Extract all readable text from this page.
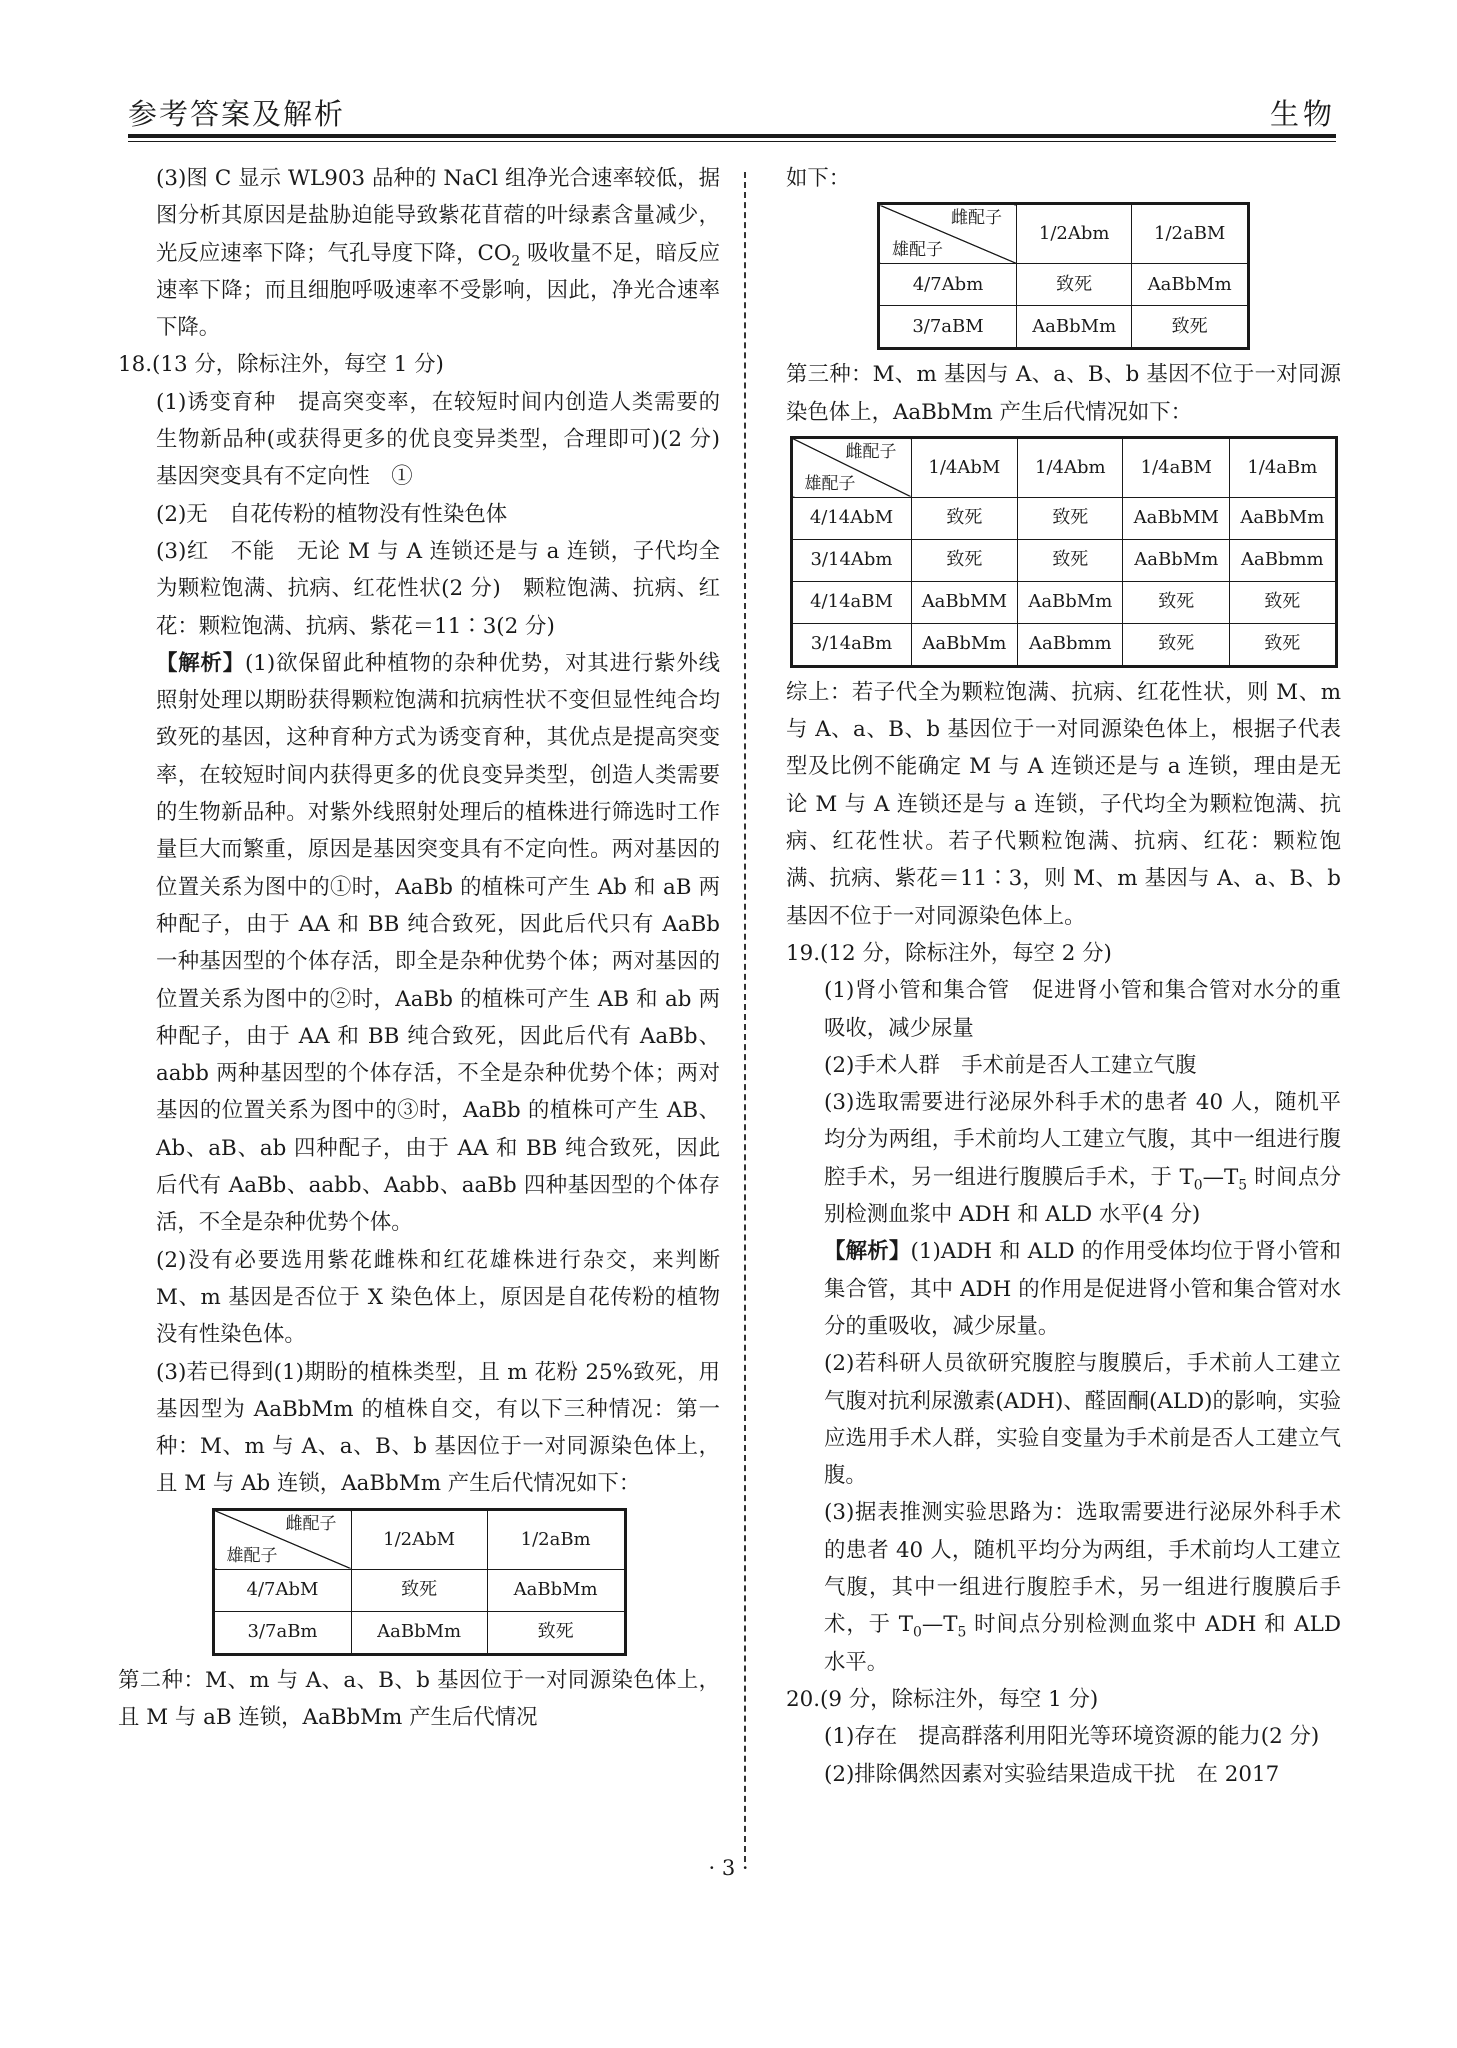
参考答案及解析	生物

(3)图 C 显示 WL903 品种的 NaCl 组净光合速率较低，据图分析其原因是盐胁迫能导致紫花苜蓿的叶绿素含量减少，光反应速率下降；气孔导度下降，$CO_2$ 吸收量不足，暗反应速率下降；而且细胞呼吸速率不受影响，因此，净光合速率下降。

18.(13 分，除标注外，每空 1 分)

(1)诱变育种　提高突变率，在较短时间内创造人类需要的生物新品种(或获得更多的优良变异类型，合理即可)(2 分)　基因突变具有不定向性　①

(2)无　自花传粉的植物没有性染色体

(3)红　不能　无论 M 与 A 连锁还是与 a 连锁，子代均全为颗粒饱满、抗病、红花性状(2 分)　颗粒饱满、抗病、红花：颗粒饱满、抗病、紫花＝11∶3(2 分)

【解析】(1)欲保留此种植物的杂种优势，对其进行紫外线照射处理以期盼获得颗粒饱满和抗病性状不变但显性纯合均致死的基因，这种育种方式为诱变育种，其优点是提高突变率，在较短时间内获得更多的优良变异类型，创造人类需要的生物新品种。对紫外线照射处理后的植株进行筛选时工作量巨大而繁重，原因是基因突变具有不定向性。两对基因的位置关系为图中的①时，AaBb 的植株可产生 Ab 和 aB 两种配子，由于 AA 和 BB 纯合致死，因此后代只有 AaBb 一种基因型的个体存活，即全是杂种优势个体；两对基因的位置关系为图中的②时，AaBb 的植株可产生 AB 和 ab 两种配子，由于 AA 和 BB 纯合致死，因此后代有 AaBb、aabb 两种基因型的个体存活，不全是杂种优势个体；两对基因的位置关系为图中的③时，AaBb 的植株可产生 AB、Ab、aB、ab 四种配子，由于 AA 和 BB 纯合致死，因此后代有 AaBb、aabb、Aabb、aaBb 四种基因型的个体存活，不全是杂种优势个体。

(2)没有必要选用紫花雌株和红花雄株进行杂交，来判断 M、m 基因是否位于 X 染色体上，原因是自花传粉的植物没有性染色体。

(3)若已得到(1)期盼的植株类型，且 m 花粉 25%致死，用基因型为 AaBbMm 的植株自交，有以下三种情况：第一种：M、m 与 A、a、B、b 基因位于一对同源染色体上，且 M 与 Ab 连锁，AaBbMm 产生后代情况如下：

雌配子
雄配子	1/2AbM	1/2aBm
4/7AbM	致死	AaBbMm
3/7aBm	AaBbMm	致死

第二种：M、m 与 A、a、B、b 基因位于一对同源染色体上，且 M 与 aB 连锁，AaBbMm 产生后代情况

如下：

雌配子
雄配子	1/2Abm	1/2aBM
4/7Abm	致死	AaBbMm
3/7aBM	AaBbMm	致死

第三种：M、m 基因与 A、a、B、b 基因不位于一对同源染色体上，AaBbMm 产生后代情况如下：

雌配子
雄配子	1/4AbM	1/4Abm	1/4aBM	1/4aBm
4/14AbM	致死	致死	AaBbMM	AaBbMm
3/14Abm	致死	致死	AaBbMm	AaBbmm
4/14aBM	AaBbMM	AaBbMm	致死	致死
3/14aBm	AaBbMm	AaBbmm	致死	致死

综上：若子代全为颗粒饱满、抗病、红花性状，则 M、m 与 A、a、B、b 基因位于一对同源染色体上，根据子代表型及比例不能确定 M 与 A 连锁还是与 a 连锁，理由是无论 M 与 A 连锁还是与 a 连锁，子代均全为颗粒饱满、抗病、红花性状。若子代颗粒饱满、抗病、红花：颗粒饱满、抗病、紫花＝11∶3，则 M、m 基因与 A、a、B、b 基因不位于一对同源染色体上。

19.(12 分，除标注外，每空 2 分)

(1)肾小管和集合管　促进肾小管和集合管对水分的重吸收，减少尿量

(2)手术人群　手术前是否人工建立气腹

(3)选取需要进行泌尿外科手术的患者 40 人，随机平均分为两组，手术前均人工建立气腹，其中一组进行腹腔手术，另一组进行腹膜后手术，于 $T_0—T_5$ 时间点分别检测血浆中 ADH 和 ALD 水平(4 分)

【解析】(1)ADH 和 ALD 的作用受体均位于肾小管和集合管，其中 ADH 的作用是促进肾小管和集合管对水分的重吸收，减少尿量。

(2)若科研人员欲研究腹腔与腹膜后，手术前人工建立气腹对抗利尿激素(ADH)、醛固酮(ALD)的影响，实验应选用手术人群，实验自变量为手术前是否人工建立气腹。

(3)据表推测实验思路为：选取需要进行泌尿外科手术的患者 40 人，随机平均分为两组，手术前均人工建立气腹，其中一组进行腹腔手术，另一组进行腹膜后手术，于 $T_0—T_5$ 时间点分别检测血浆中 ADH 和 ALD 水平。

20.(9 分，除标注外，每空 1 分)

(1)存在　提高群落利用阳光等环境资源的能力(2 分)

(2)排除偶然因素对实验结果造成干扰　在 2017

· 3 ·
